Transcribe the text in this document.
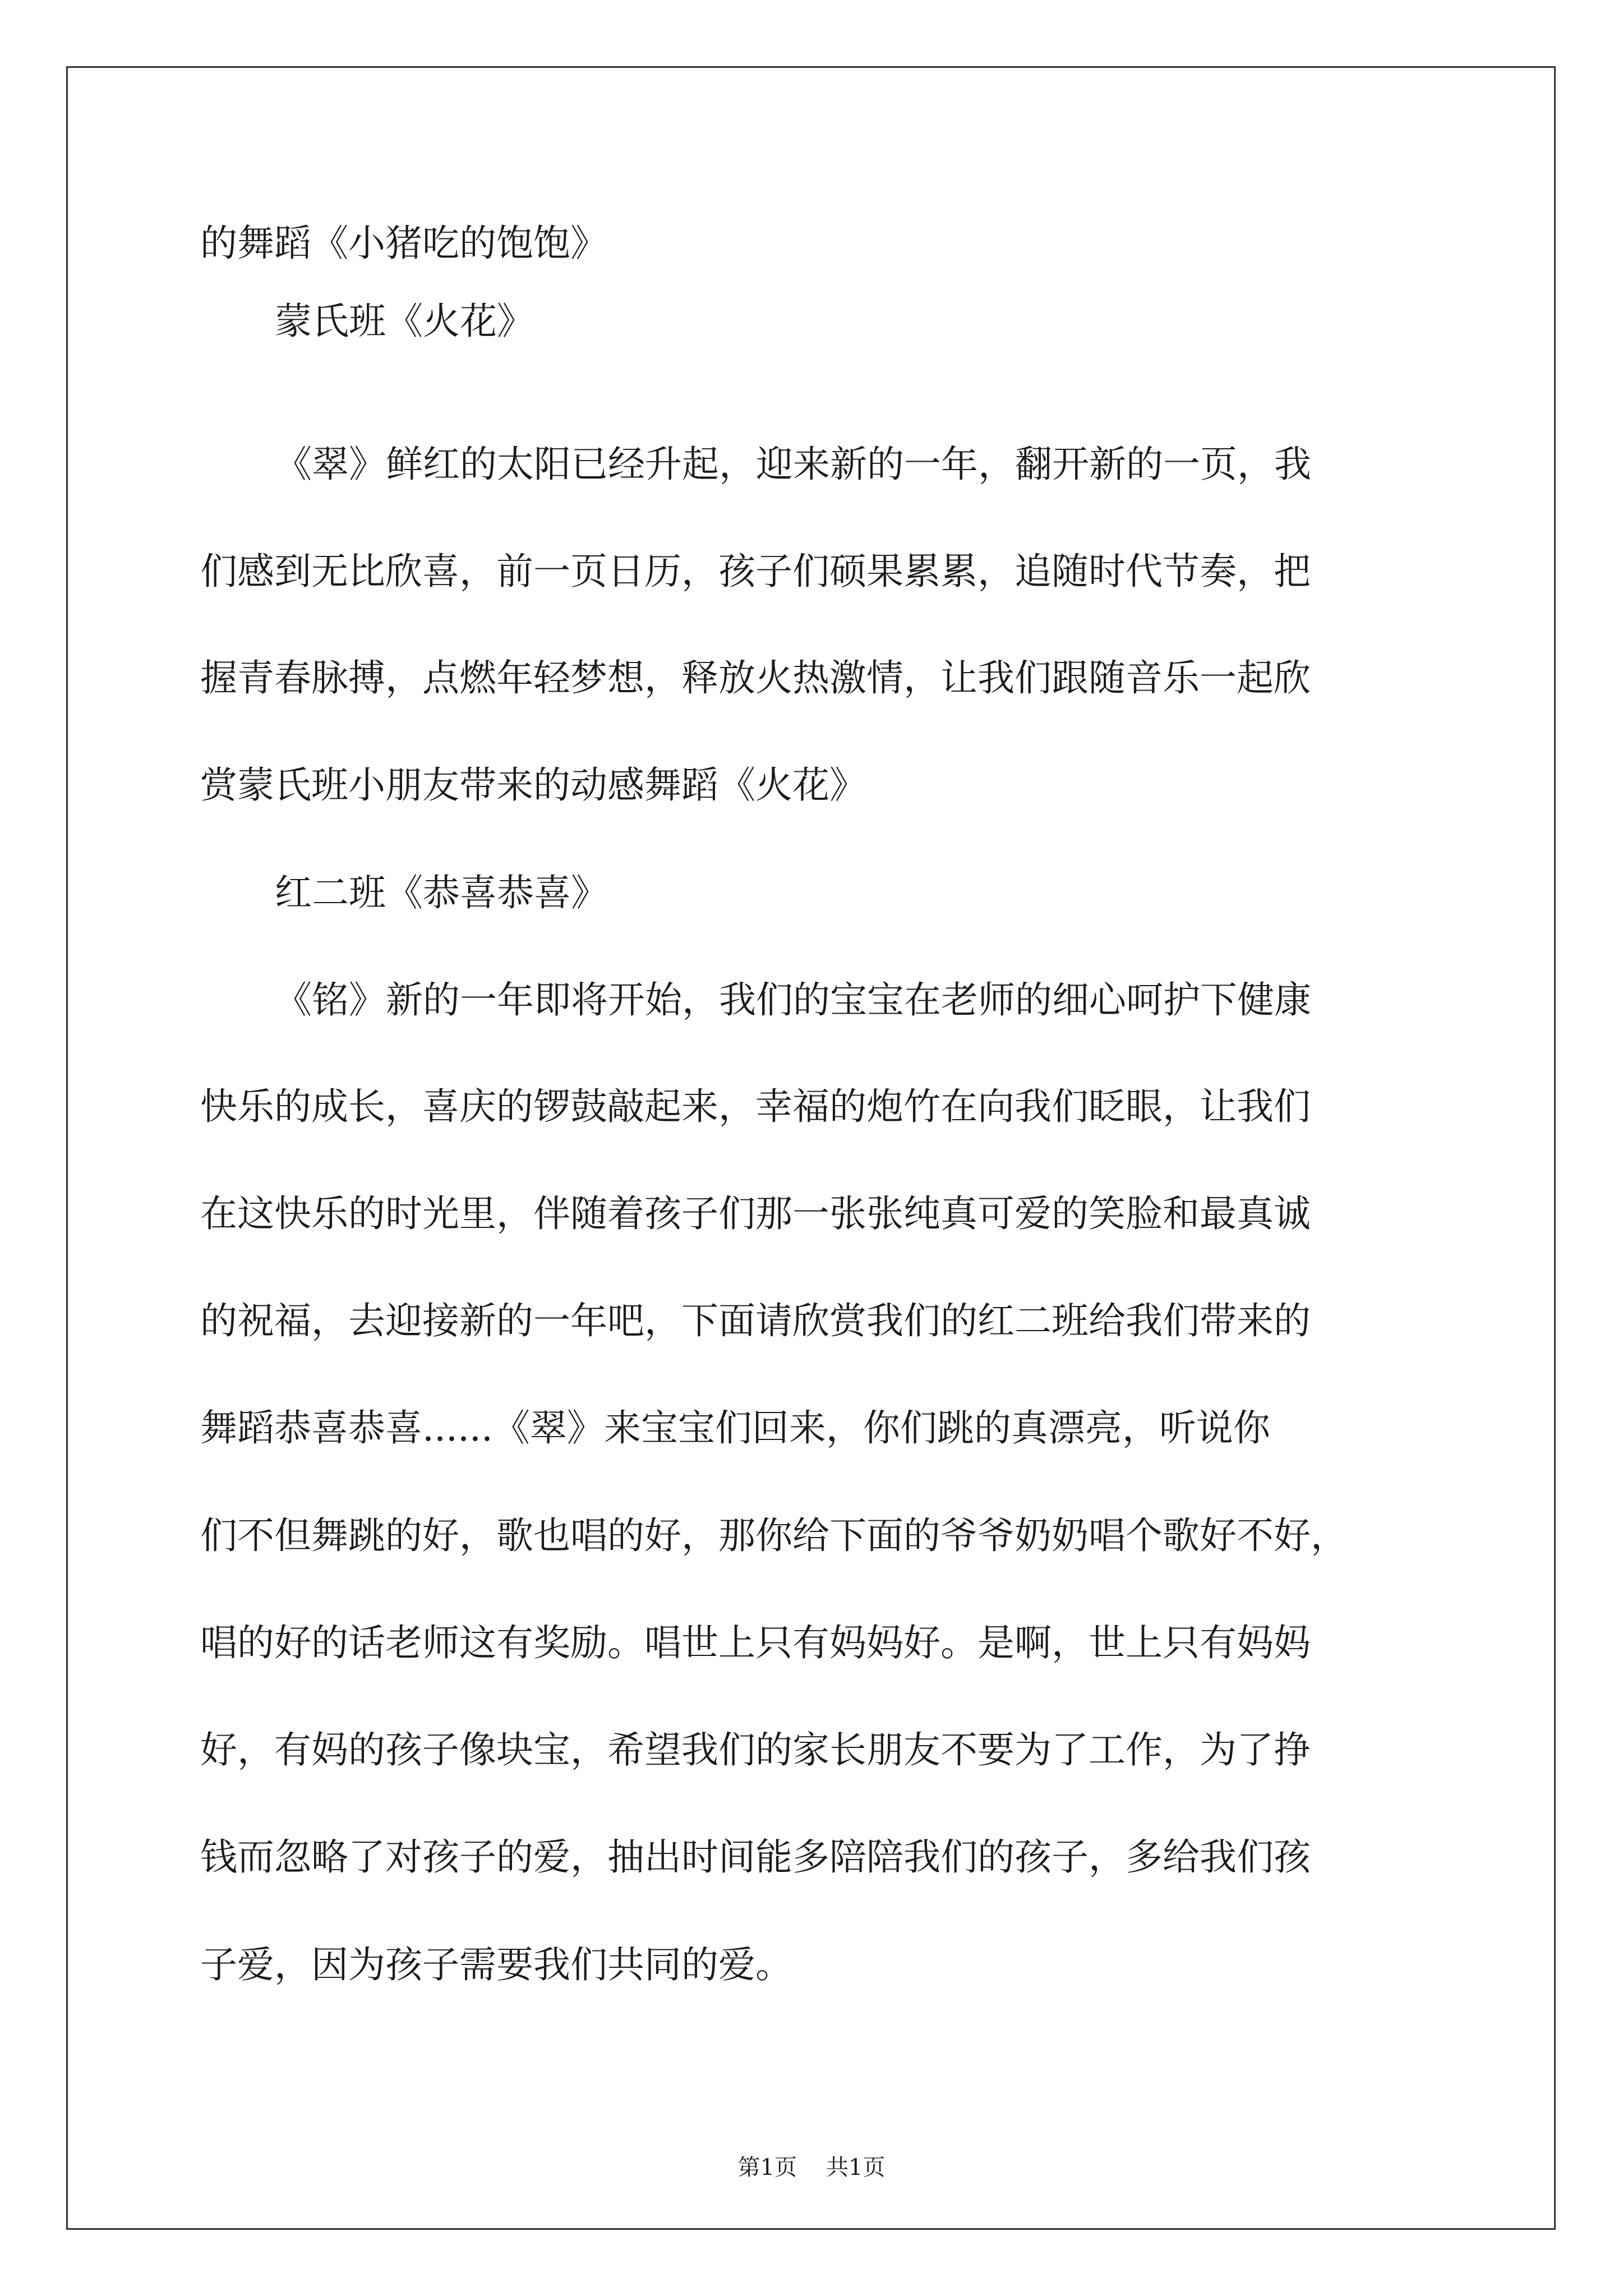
的舞蹈《小猪吃的饱饱》
蒙氏班《火花》
《翠》鲜红的太阳已经升起，迎来新的一年，翻开新的一页，我
们感到无比欣喜，前一页日历，孩子们硕果累累，追随时代节奏，把
握青春脉搏，点燃年轻梦想，释放火热激情，让我们跟随音乐一起欣
赏蒙氏班小朋友带来的动感舞蹈《火花》
红二班《恭喜恭喜》
《铭》新的一年即将开始，我们的宝宝在老师的细心呵护下健康
快乐的成长，喜庆的锣鼓敲起来，幸福的炮竹在向我们眨眼，让我们
在这快乐的时光里，伴随着孩子们那一张张纯真可爱的笑脸和最真诚
的祝福，去迎接新的一年吧，下面请欣赏我们的红二班给我们带来的
舞蹈恭喜恭喜......《翠》来宝宝们回来，你们跳的真漂亮，听说你
们不但舞跳的好，歌也唱的好，那你给下面的爷爷奶奶唱个歌好不好，
唱的好的话老师这有奖励。唱世上只有妈妈好。是啊，世上只有妈妈
好，有妈的孩子像块宝，希望我们的家长朋友不要为了工作，为了挣
钱而忽略了对孩子的爱，抽出时间能多陪陪我们的孩子，多给我们孩
子爱，因为孩子需要我们共同的爱。
第1页 共1页
